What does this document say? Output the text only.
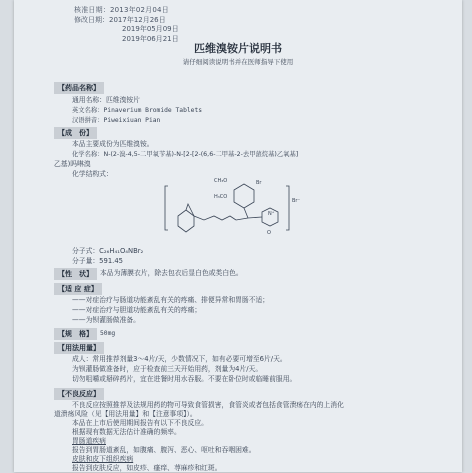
核准日期：2013年02月04日
修改日期：2017年12月26日
2019年05月09日
2019年06月21日
匹维溴铵片说明书
请仔细阅读说明书并在医师指导下使用
【药品名称】
通用名称：匹维溴铵片
英文名称：Pinaverium Bromide Tablets
汉语拼音：Piweixiuan Pian
【成　份】
本品主要成份为匹维溴铵。
化学名称：N-(2-溴-4,5-二甲氧苄基)-N-[2-[2-(6,6-二甲基-2-去甲蒎烷基)乙氧基]
乙基)吗啉溴
化学结构式：
CH₃O
H₃CO
Br
Br⁻
O
N⁺
分子式：C₂₆H₄₁O₄NBr₂
分子量：591.45
【性　状】	本品为薄膜衣片，除去包衣后显白色或类白色。
【适 应 症】
——对症治疗与肠道功能紊乱有关的疼痛、排便异常和胃肠不适；
——对症治疗与胆道功能紊乱有关的疼痛；
——为钡灌肠做准备。
【规　格】	50mg
【用法用量】
成人：常用推荐剂量3～4片/天，少数情况下，如有必要可增至6片/天。
为钡灌肠做准备时，应于检查前三天开始用药，剂量为4片/天。
切勿咀嚼或掰碎药片，宜在进餐时用水吞服。不要在卧位时或临睡前服用。
【不良反应】
不良反应按照推荐及法规用药的物可导致食管损害，食管炎或者包括食管溃疡在内的上消化
道溃疡风险（见【用法用量】和【注意事项】）。
本品在上市后使用期间报告有以下不良反应。
根据现有数据无法估计准确的频率。
胃肠道疾病
报告到胃肠道紊乱，如腹痛、腹泻、恶心、呕吐和吞咽困难。
皮肤和皮下组织疾病
报告到皮肤反应，如皮疹、瘙痒、荨麻疹和红斑。
